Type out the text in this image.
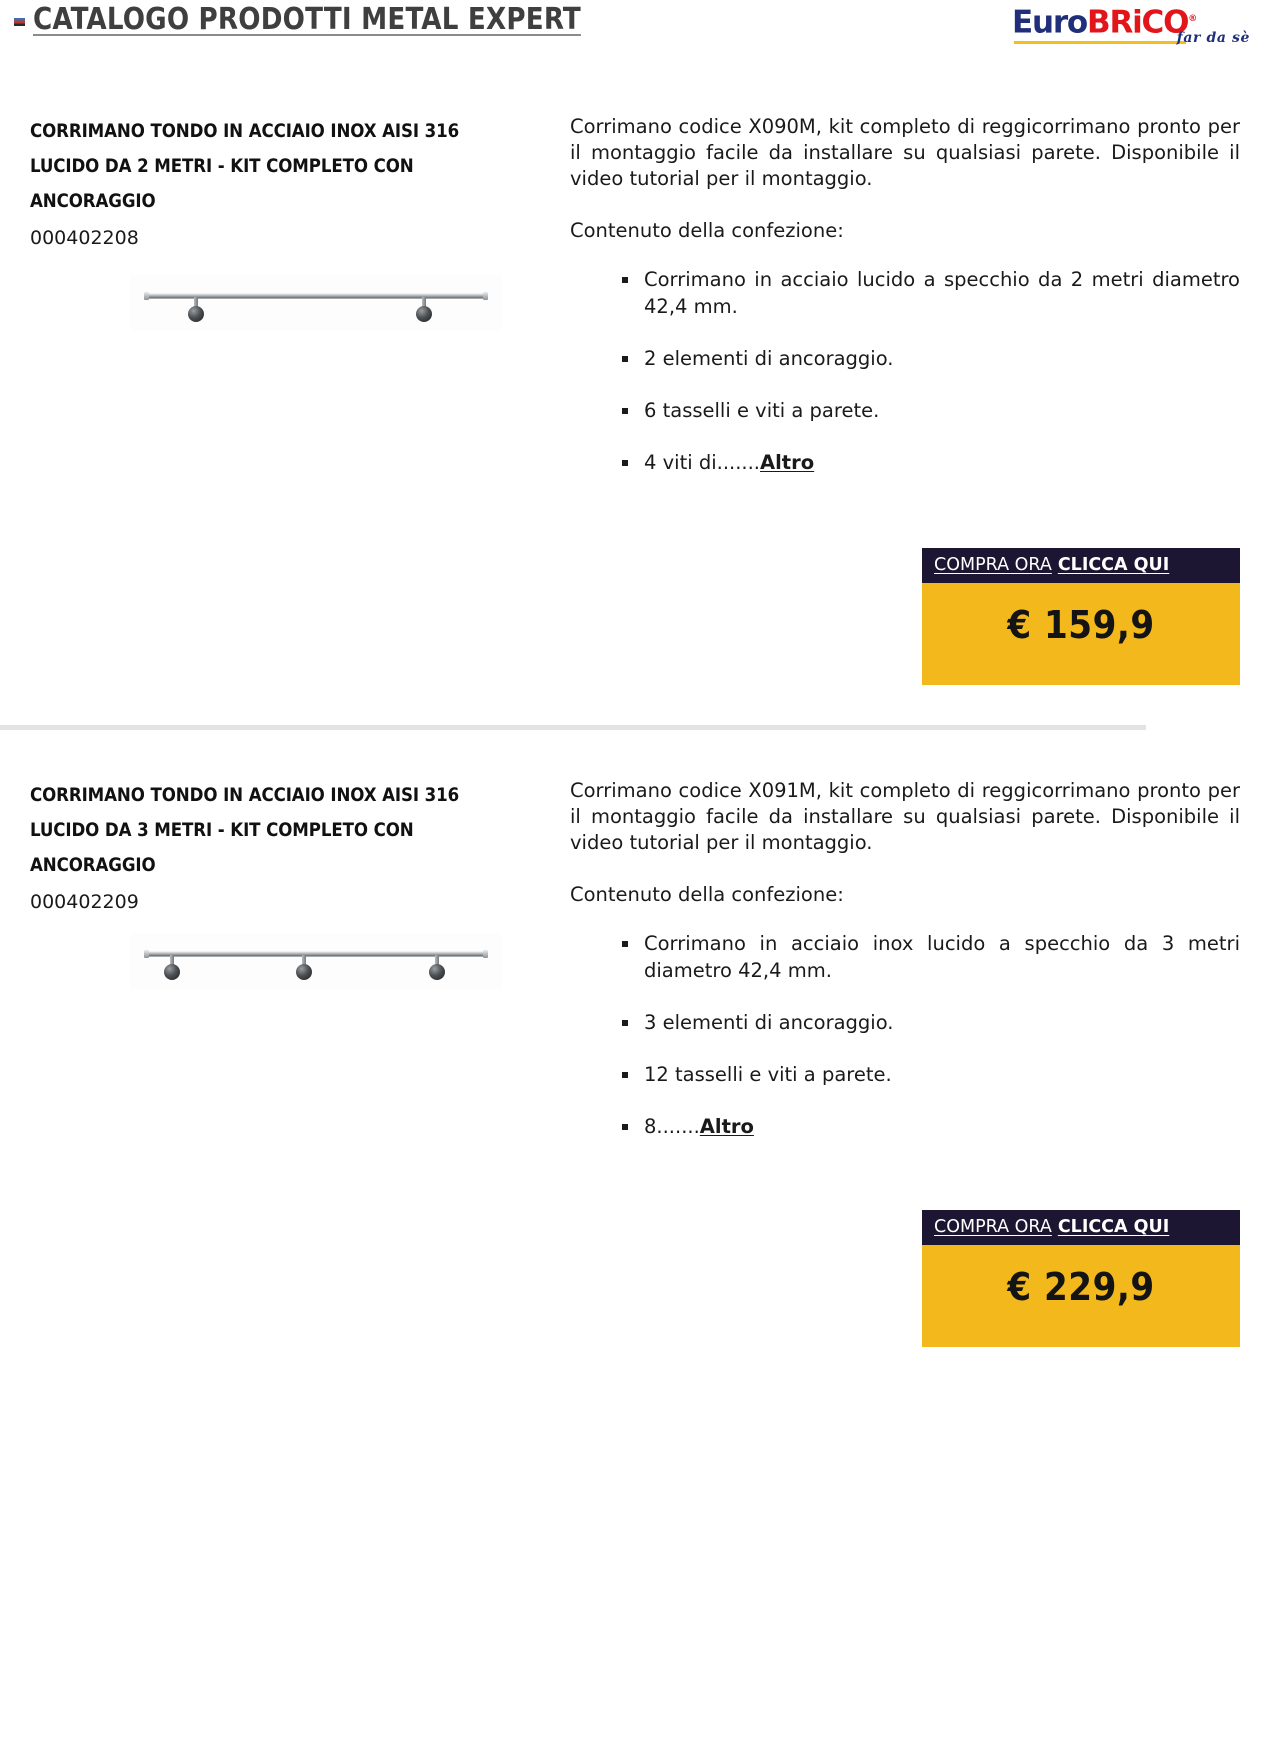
CATALOGO PRODOTTI METAL EXPERT	EuroBRiCO®
far da sè
CORRIMANO TONDO IN ACCIAIO INOX AISI 316 LUCIDO DA 2 METRI - KIT COMPLETO CON ANCORAGGIO
000402208

Corrimano codice X090M, kit completo di reggicorrimano pronto per il montaggio facile da installare su qualsiasi parete. Disponibile il video tutorial per il montaggio.

Contenuto della confezione:

Corrimano in acciaio lucido a specchio da 2 metri diametro 42,4 mm.
2 elementi di ancoraggio.
6 tasselli e viti a parete.
4 viti di.......Altro
COMPRA ORA CLICCA QUI
€ 159,9
CORRIMANO TONDO IN ACCIAIO INOX AISI 316 LUCIDO DA 3 METRI - KIT COMPLETO CON ANCORAGGIO
000402209

Corrimano codice X091M, kit completo di reggicorrimano pronto per il montaggio facile da installare su qualsiasi parete. Disponibile il video tutorial per il montaggio.

Contenuto della confezione:

Corrimano in acciaio inox lucido a specchio da 3 metri diametro 42,4 mm.
3 elementi di ancoraggio.
12 tasselli e viti a parete.
8.......Altro
COMPRA ORA CLICCA QUI
€ 229,9
